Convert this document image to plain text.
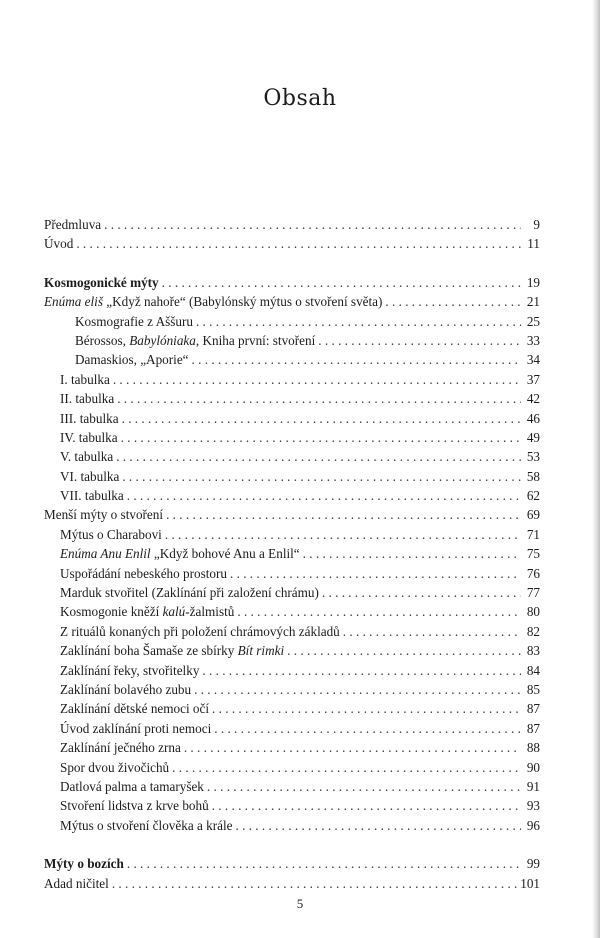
Obsah
Předmluva . . .	9
Úvod . . .	11
Kosmogonické mýty . . .	19
Enúma eliš „Když nahoře“ (Babylónský mýtus o stvoření světa) . . .	21
Kosmografie z Aššuru . . .	25
Bérossos, Babylóniaka, Kniha první: stvoření . . .	33
Damaskios, „Aporie“ . . .	34
I. tabulka . . .	37
II. tabulka . . .	42
III. tabulka . . .	46
IV. tabulka . . .	49
V. tabulka . . .	53
VI. tabulka . . .	58
VII. tabulka . . .	62
Menší mýty o stvoření . . .	69
Mýtus o Charabovi . . .	71
Enúma Anu Enlil „Když bohové Anu a Enlil“ . . .	75
Uspořádání nebeského prostoru . . .	76
Marduk stvořitel (Zaklínání při založení chrámu) . . .	77
Kosmogonie kněží kalú-žalmistů . . .	80
Z rituálů konaných při položení chrámových základů . . .	82
Zaklínání boha Šamaše ze sbírky Bít rimki . . .	83
Zaklínání řeky, stvořitelky . . .	84
Zaklínání bolavého zubu . . .	85
Zaklínání dětské nemoci očí . . .	87
Úvod zaklínání proti nemoci . . .	87
Zaklínání ječného zrna . . .	88
Spor dvou živočichů . . .	90
Datlová palma a tamaryšek . . .	91
Stvoření lidstva z krve bohů . . .	93
Mýtus o stvoření člověka a krále . . .	96
Mýty o bozích . . .	99
Adad ničitel . . .	101
5
